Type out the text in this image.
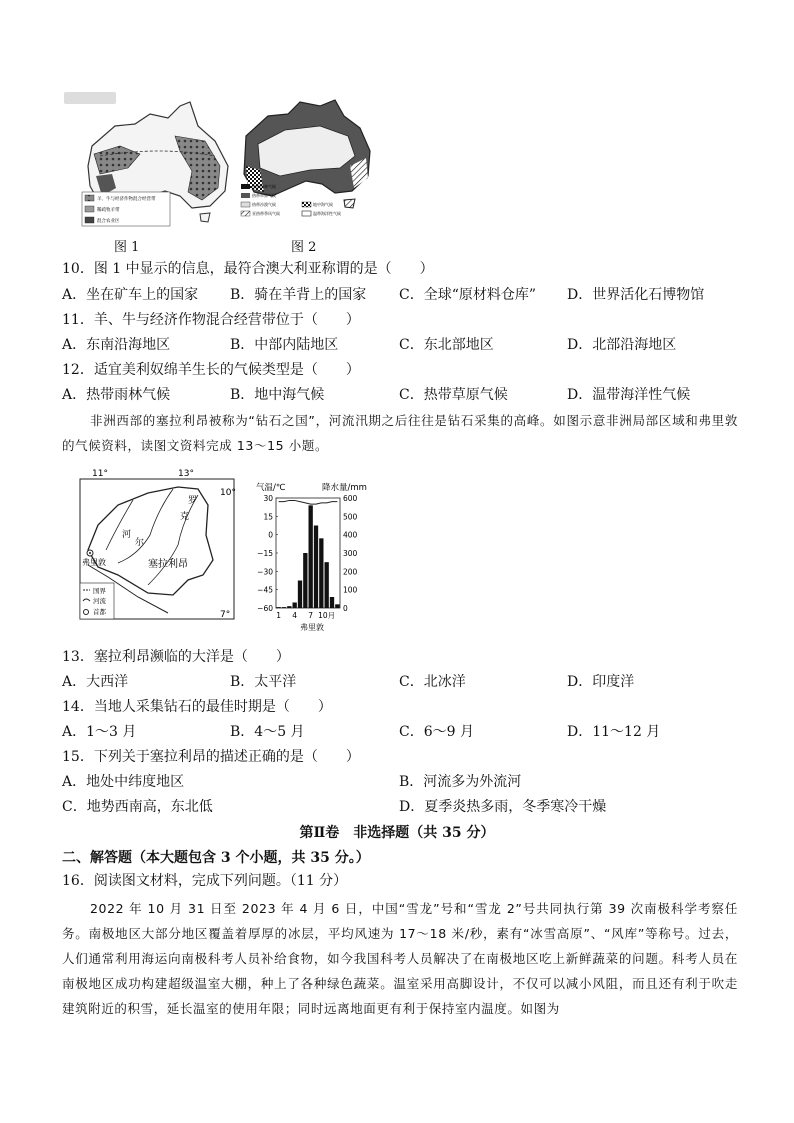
羊、牛与经济作物混合经营带
稀疏牧羊带
混合农业区
热带雨林气候
热带草原气候
热带沙漠气候
亚热带季风气候
地中海气候
温带海洋性气候
图 1	图 2
10．图 1 中显示的信息，最符合澳大利亚称谓的是（　　）
A．坐在矿车上的国家 B．骑在羊背上的国家 C．全球“原材料仓库” D．世界活化石博物馆
11．羊、牛与经济作物混合经营带位于（　　）
A．东南沿海地区	B．中部内陆地区	C．东北部地区	D．北部沿海地区
12．适宜美利奴绵羊生长的气候类型是（　　）
A．热带雨林气候	B．地中海气候	C．热带草原气候	D．温带海洋性气候
非洲西部的塞拉利昂被称为“钻石之国”，河流汛期之后往往是钻石采集的高峰。如图示意非洲局部区域和弗里敦的气候资料，读图文资料完成 13～15 小题。
11°	13°
10°
7°
罗
克
尔
河
塞拉利昂
弗里敦
国界
河流
首都
气温/℃	降水量/mm
30	600
15	500
0	400
−15	300
−30	200
−45	100
−60	0
1 4 7 10月
弗里敦
13．塞拉利昂濒临的大洋是（　　）
A．大西洋	B．太平洋	C．北冰洋	D．印度洋
14．当地人采集钻石的最佳时期是（　　）
A．1～3 月	B．4～5 月	C．6～9 月	D．11～12 月
15．下列关于塞拉利昂的描述正确的是（　　）
A．地处中纬度地区	B．河流多为外流河
C．地势西南高，东北低	D．夏季炎热多雨，冬季寒冷干燥
第Ⅱ卷　非选择题（共 35 分）
二、解答题（本大题包含 3 个小题，共 35 分。）
16．阅读图文材料，完成下列问题。（11 分）
2022 年 10 月 31 日至 2023 年 4 月 6 日，中国“雪龙”号和“雪龙 2”号共同执行第 39 次南极科学考察任务。南极地区大部分地区覆盖着厚厚的冰层，平均风速为 17～18 米/秒，素有“冰雪高原”、“风库”等称号。过去，人们通常利用海运向南极科考人员补给食物，如今我国科考人员解决了在南极地区吃上新鲜蔬菜的问题。科考人员在南极地区成功构建超级温室大棚，种上了各种绿色蔬菜。温室采用高脚设计，不仅可以减小风阻，而且还有利于吹走建筑附近的积雪，延长温室的使用年限；同时远离地面更有利于保持室内温度。如图为
